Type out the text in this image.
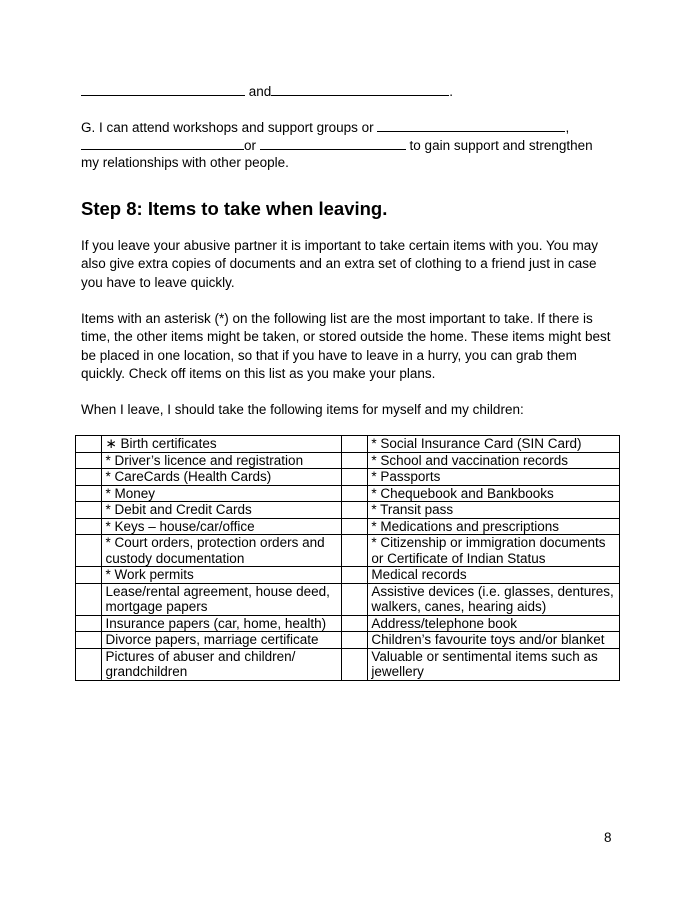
and	.
G. I can attend workshops and support groups or	,
or	to gain support and strengthen
my relationships with other people.
Step 8: Items to take when leaving.
If you leave your abusive partner it is important to take certain items with you. You may also give extra copies of documents and an extra set of clothing to a friend just in case you have to leave quickly.
Items with an asterisk (*) on the following list are the most important to take. If there is time, the other items might be taken, or stored outside the home. These items might best be placed in one location, so that if you have to leave in a hurry, you can grab them quickly. Check off items on this list as you make your plans.
When I leave, I should take the following items for myself and my children:
	∗ Birth certificates		* Social Insurance Card (SIN Card)
	* Driver’s licence and registration		* School and vaccination records
	* CareCards (Health Cards)		* Passports
	* Money		* Chequebook and Bankbooks
	* Debit and Credit Cards		* Transit pass
	* Keys – house/car/office		* Medications and prescriptions
	* Court orders, protection orders and custody documentation		* Citizenship or immigration documents or Certificate of Indian Status
	* Work permits		Medical records
	Lease/rental agreement, house deed, mortgage papers		Assistive devices (i.e. glasses, dentures, walkers, canes, hearing aids)
	Insurance papers (car, home, health)		Address/telephone book
	Divorce papers, marriage certificate		Children’s favourite toys and/or blanket
	Pictures of abuser and children/ grandchildren		Valuable or sentimental items such as jewellery
8
